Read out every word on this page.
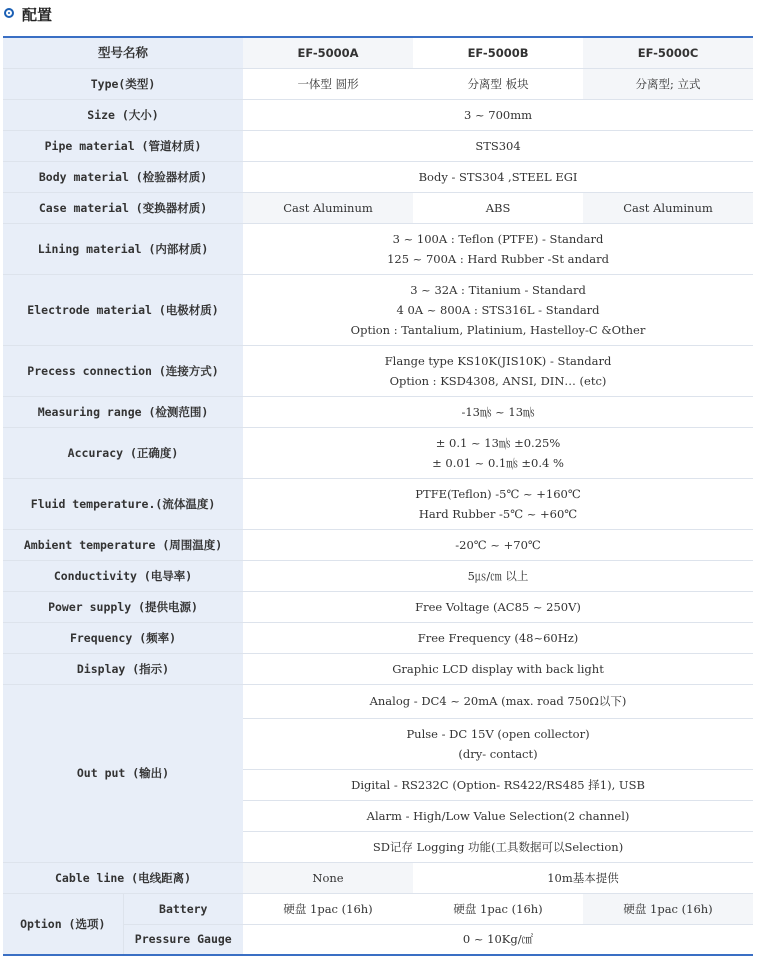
配置
型号名称		EF-5000A	EF-5000B	EF-5000C
Type(类型)		一体型 圆形	分离型 板块	分离型; 立式
Size (大小)		3 ~ 700mm		
Pipe material (管道材质)		STS304		
Body material (检验器材质)		Body - STS304 ,STEEL EGI		
Case material (变换器材质)		Cast Aluminum	ABS	Cast Aluminum
Lining material (内部材质)		3 ~ 100A : Teflon (PTFE) - Standard
125 ~ 700A : Hard Rubber -St andard		

Electrode material (电极材质)		3 ~ 32A : Titanium - Standard
4 0A ~ 800A : STS316L - Standard
Option : Tantalium, Platinium, Hastelloy-C &Other		

Precess connection (连接方式)		Flange type KS10K(JIS10K) - Standard
Option : KSD4308, ANSI, DIN… (etc)		

Measuring range (检测范围)		-13㎧ ~ 13㎧		
Accuracy (正确度)		± 0.1 ~ 13㎧ ±0.25%
± 0.01 ~ 0.1㎧ ±0.4 %		

Fluid temperature.(流体温度)		PTFE(Teflon) -5℃ ~ +160℃
Hard Rubber -5℃ ~ +60℃		

Ambient temperature (周围温度)		-20℃ ~ +70℃		
Conductivity (电导率)		5㎲/㎝ 以上		
Power supply (提供电源)		Free Voltage (AC85 ~ 250V)		
Frequency (频率)		Free Frequency (48~60Hz)		
Display (指示)		Graphic LCD display with back light		
Out put (输出)		Analog - DC4 ~ 20mA (max. road 750Ω以下)		

		Pulse - DC 15V (open collector)
(dry- contact)		

		Digital - RS232C (Option- RS422/RS485 择1), USB		
		Alarm - High/Low Value Selection(2 channel)		
		SD记存 Logging 功能(工具数据可以Selection)		
Cable line (电线距离)		None	10m基本提供	
Option (选项)	Battery	硬盘 1pac (16h)	硬盘 1pac (16h)	硬盘 1pac (16h)
	Pressure Gauge	0 ~ 10Kg/㎠		
